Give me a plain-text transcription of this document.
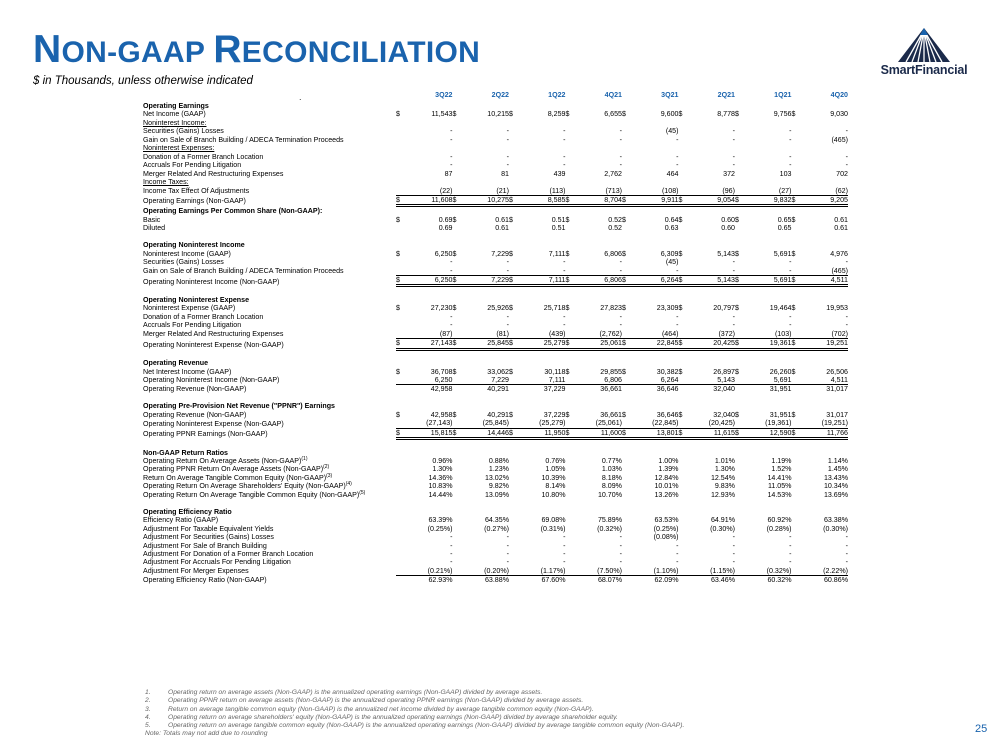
NON-GAAP RECONCILIATION
$ in Thousands, unless otherwise indicated
SmartFinancial
.
			3Q22		2Q22		1Q22		4Q21		3Q21		2Q21		1Q21		4Q20
Operating Earnings																
Net Income (GAAP)	$	11,543	$	10,215	$	8,259	$	6,655	$	9,600	$	8,778	$	9,756	$	9,030
Noninterest Income:																
Securities (Gains) Losses		-		-		-		-		(45)		-		-		-
Gain on Sale of Branch Building / ADECA Termination Proceeds		-		-		-		-		-		-		-		(465)
Noninterest Expenses:																
Donation of a Former Branch Location		-		-		-		-		-		-		-		-
Accruals For Pending Litigation		-		-		-		-		-		-		-		-
Merger Related And Restructuring Expenses		87		81		439		2,762		464		372		103		702
Income Taxes:																
Income Tax Effect Of Adjustments		(22)		(21)		(113)		(713)		(108)		(96)		(27)		(62)
Operating Earnings (Non-GAAP)	$	11,608	$	10,275	$	8,585	$	8,704	$	9,911	$	9,054	$	9,832	$	9,205
Operating Earnings Per Common Share (Non-GAAP):																
Basic	$	0.69	$	0.61	$	0.51	$	0.52	$	0.64	$	0.60	$	0.65	$	0.61
Diluted		0.69		0.61		0.51		0.52		0.63		0.60		0.65		0.61

Operating Noninterest Income																
Noninterest Income (GAAP)	$	6,250	$	7,229	$	7,111	$	6,806	$	6,309	$	5,143	$	5,691	$	4,976
Securities (Gains) Losses		-		-		-		-		(45)		-		-		-
Gain on Sale of Branch Building / ADECA Termination Proceeds		-		-		-		-		-		-		-		(465)
Operating Noninterest Income (Non-GAAP)	$	6,250	$	7,229	$	7,111	$	6,806	$	6,264	$	5,143	$	5,691	$	4,511

Operating Noninterest Expense																
Noninterest Expense (GAAP)	$	27,230	$	25,926	$	25,718	$	27,823	$	23,309	$	20,797	$	19,464	$	19,953
Donation of a Former Branch Location		-		-		-		-		-		-		-		-
Accruals For Pending Litigation		-		-		-		-		-		-		-		-
Merger Related And Restructuring Expenses		(87)		(81)		(439)		(2,762)		(464)		(372)		(103)		(702)
Operating Noninterest Expense (Non-GAAP)	$	27,143	$	25,845	$	25,279	$	25,061	$	22,845	$	20,425	$	19,361	$	19,251

Operating Revenue																
Net Interest Income (GAAP)	$	36,708	$	33,062	$	30,118	$	29,855	$	30,382	$	26,897	$	26,260	$	26,506
Operating Noninterest Income (Non-GAAP)		6,250		7,229		7,111		6,806		6,264		5,143		5,691		4,511
Operating Revenue (Non-GAAP)		42,958		40,291		37,229		36,661		36,646		32,040		31,951		31,017

Operating Pre-Provision Net Revenue ("PPNR") Earnings																
Operating Revenue (Non-GAAP)	$	42,958	$	40,291	$	37,229	$	36,661	$	36,646	$	32,040	$	31,951	$	31,017
Operating Noninterest Expense (Non-GAAP)		(27,143)		(25,845)		(25,279)		(25,061)		(22,845)		(20,425)		(19,361)		(19,251)
Operating PPNR Earnings (Non-GAAP)	$	15,815	$	14,446	$	11,950	$	11,600	$	13,801	$	11,615	$	12,590	$	11,766

Non-GAAP Return Ratios																
Operating Return On Average Assets (Non-GAAP)$^{(1)}$		0.96%		0.88%		0.76%		0.77%		1.00%		1.01%		1.19%		1.14%
Operating PPNR Return On Average Assets (Non-GAAP)$^{(2)}$		1.30%		1.23%		1.05%		1.03%		1.39%		1.30%		1.52%		1.45%
Return On Average Tangible Common Equity (Non-GAAP)$^{(3)}$		14.36%		13.02%		10.39%		8.18%		12.84%		12.54%		14.41%		13.43%
Operating Return On Average Shareholders' Equity (Non-GAAP)$^{(4)}$		10.83%		9.82%		8.14%		8.09%		10.01%		9.83%		11.05%		10.34%
Operating Return On Average Tangible Common Equity (Non-GAAP)$^{(5)}$		14.44%		13.09%		10.80%		10.70%		13.26%		12.93%		14.53%		13.69%

Operating Efficiency Ratio																
Efficiency Ratio (GAAP)		63.39%		64.35%		69.08%		75.89%		63.53%		64.91%		60.92%		63.38%
Adjustment For Taxable Equivalent Yields		(0.25%)		(0.27%)		(0.31%)		(0.32%)		(0.25%)		(0.30%)		(0.28%)		(0.30%)
Adjustment For Securities (Gains) Losses		-		-		-		-		(0.08%)		-		-		-
Adjustment For Sale of Branch Building		-		-		-		-		-		-		-		-
Adjustment For Donation of a Former Branch Location		-		-		-		-		-		-		-		-
Adjustment For Accruals For Pending Litigation		-		-		-		-		-		-		-		-
Adjustment For Merger Expenses		(0.21%)		(0.20%)		(1.17%)		(7.50%)		(1.10%)		(1.15%)		(0.32%)		(2.22%)
Operating Efficiency Ratio (Non-GAAP)		62.93%		63.88%		67.60%		68.07%		62.09%		63.46%		60.32%		60.86%
1.	Operating return on average assets (Non-GAAP) is the annualized operating earnings (Non-GAAP) divided by average assets.
2.	Operating PPNR return on average assets (Non-GAAP) is the annualized operating PPNR earnings (Non-GAAP) divided by average assets.
3.	Return on average tangible common equity (Non-GAAP) is the annualized net income divided by average tangible common equity (Non-GAAP).
4.	Operating return on average shareholders' equity (Non-GAAP) is the annualized operating earnings (Non-GAAP) divided by average shareholder equity.
5.	Operating return on average tangible common equity (Non-GAAP) is the annualized operating earnings (Non-GAAP) divided by average tangible common equity (Non-GAAP).
Note: Totals may not add due to rounding	25
